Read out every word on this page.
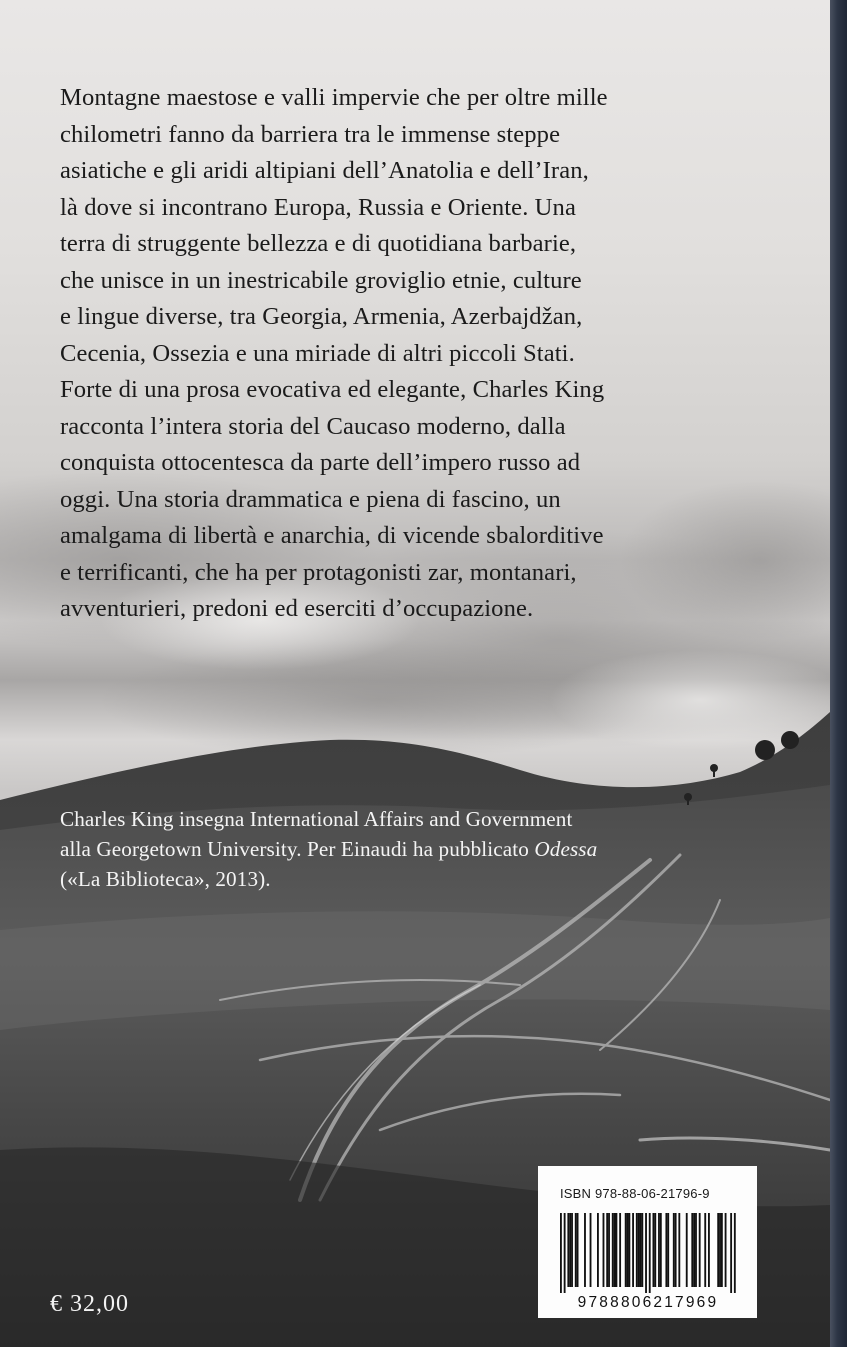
Montagne maestose e valli impervie che per oltre mille
chilometri fanno da barriera tra le immense steppe
asiatiche e gli aridi altipiani dell’Anatolia e dell’Iran,
là dove si incontrano Europa, Russia e Oriente. Una
terra di struggente bellezza e di quotidiana barbarie,
che unisce in un inestricabile groviglio etnie, culture
e lingue diverse, tra Georgia, Armenia, Azerbajdžan,
Cecenia, Ossezia e una miriade di altri piccoli Stati.
Forte di una prosa evocativa ed elegante, Charles King
racconta l’intera storia del Caucaso moderno, dalla
conquista ottocentesca da parte dell’impero russo ad
oggi. Una storia drammatica e piena di fascino, un
amalgama di libertà e anarchia, di vicende sbalorditive
e terrificanti, che ha per protagonisti zar, montanari,
avventurieri, predoni ed eserciti d’occupazione.
Charles King insegna International Affairs and Government
alla Georgetown University. Per Einaudi ha pubblicato Odessa
(«La Biblioteca», 2013).
ISBN 978-88-06-21796-9
9788806217969
€ 32,00
